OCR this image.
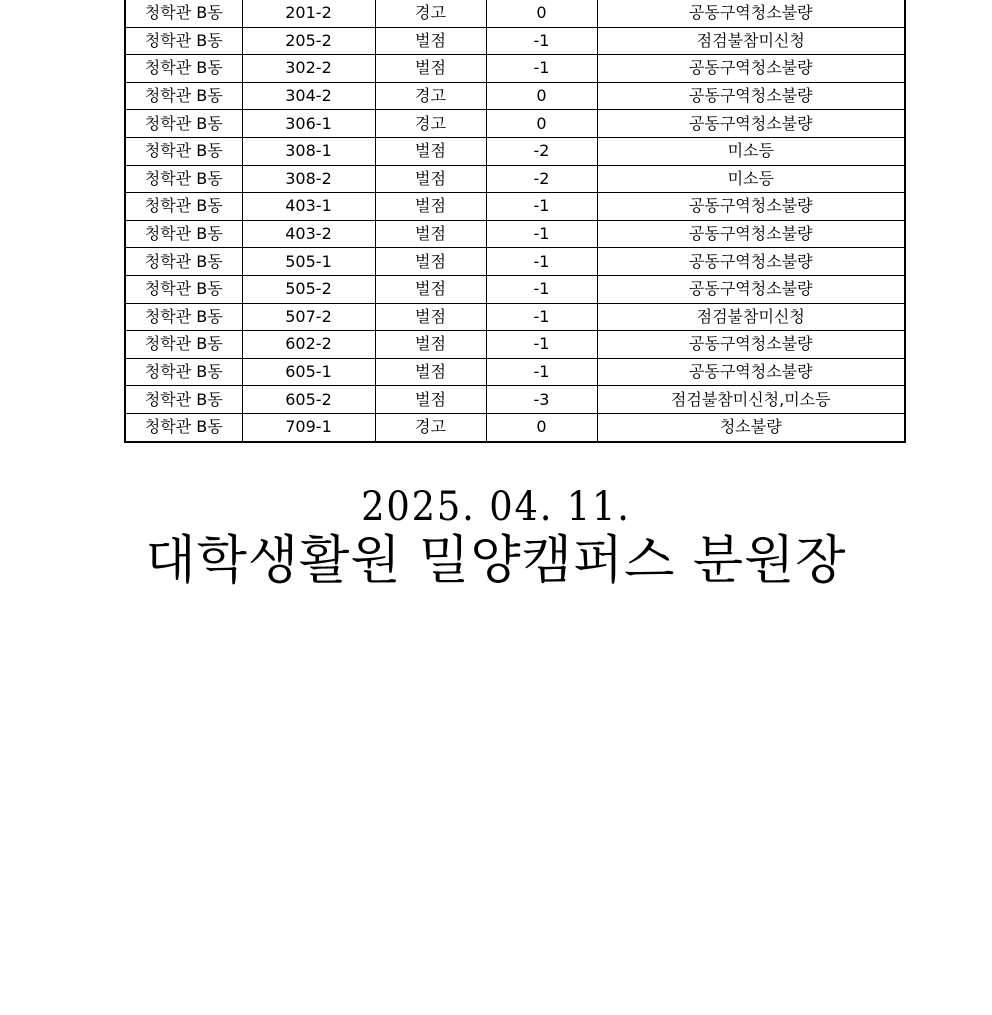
청학관 B동	201-2	경고	0	공동구역청소불량
청학관 B동	205-2	벌점	-1	점검불참미신청
청학관 B동	302-2	벌점	-1	공동구역청소불량
청학관 B동	304-2	경고	0	공동구역청소불량
청학관 B동	306-1	경고	0	공동구역청소불량
청학관 B동	308-1	벌점	-2	미소등
청학관 B동	308-2	벌점	-2	미소등
청학관 B동	403-1	벌점	-1	공동구역청소불량
청학관 B동	403-2	벌점	-1	공동구역청소불량
청학관 B동	505-1	벌점	-1	공동구역청소불량
청학관 B동	505-2	벌점	-1	공동구역청소불량
청학관 B동	507-2	벌점	-1	점검불참미신청
청학관 B동	602-2	벌점	-1	공동구역청소불량
청학관 B동	605-1	벌점	-1	공동구역청소불량
청학관 B동	605-2	벌점	-3	점검불참미신청,미소등
청학관 B동	709-1	경고	0	청소불량
2025. 04. 11.
대학생활원 밀양캠퍼스 분원장
